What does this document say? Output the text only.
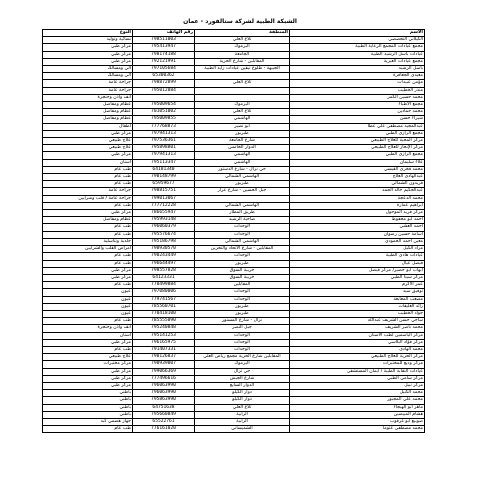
الشبكة الطبية لشركة ستالفورد - عمان
الاسم	المنطقة	رقم الهاتف	النوع
الكيلاني التخصصي	تلاع العلي	798511003	نسائية وتوليد
مجمع عيادات المجمع الرعاية الطبية	اليرموك	795413947	مركز طبي
عيادات باسل الرشيد الطبية	الجامعة	798174188	مركز طبي
مجمع عيادات العيرية	المقابلين - شارع الحرية	792121991	مركز طبي
باسل الرشيد	الجبيهة - طلوع نيفين عيادات زايد الطبية	797105684	آلي ومسالك
معيدي الجعافرة		65300362	آلي ومسالك
مؤمن عبيدات	تلاع العلي	798872899	جراحة عامة
منذر الخطيب		795012884	جراحة عامة
محمد حسين الكمر			أنف واذن وحنجرة
مجمع الأطباء	اليرموك	795009654	عظام ومفاصل
محمد حمادين	تلاع العلي	701051002	عظام ومفاصل
شيراء حسن	الهاشمي	795009855	عظام ومفاصل
عبدالمجيد مصطفى علي عطا	ابو نصير	777768873	أطفال
مجمع الرازي الطبي	طبربور	797941313	مركز طبي
مركز المحبة للعلاج الطبيعي	شارع الجامعة	797536361	علاج طبيعي
مركز الإنجاز للعلاج الطبيعي	الدوار الخامس	795898801	علاج طبيعي
مجمع الرازي الطبي	الهاشمي	797941313	مركز طبي
علاء سليمان	الهاشمي	795113347	أسنان
محمد فخري القيسي	حي نزال - شارع الدستور	64181340	طب عام
عبدالهادي العلاج	الهاشمي الشمالي	790148799	طب عام
فريدون الشمالي	طبربور	65959677	طب عام
عبدالحكيم خالد الحمد	جبل الحسين - شارع عرار	798815751	جراحة عامة
محمد الدعجة		799013067	جراحة عامة / قلب وشرايين
ابراهيم عمارة	الهاشمي الشمالي	777712228	طب عام
مركز فريد الموحول	طريق المطار	786655947	مركز طبي
احمد ابو محفوظ	ضاحية الرشيد	795993148	عظام ومفاصل
احمد العشي	الوحدات	796060379	طب عام
اسامة حسين رضوان	الوحدات	795576674	طب عام
معين احمد الحمودي	الهاشمي الشمالي	795186798	جلدية وتناسلية
مراد الكيل	المقابلين - شارع الاتحاد والتخزين	790930570	امراض القلب والشرايين
عيادات هادي الطبية	الوحدات	790243449	طب عام
فيصل عيال	طبربور	796644497	طب عام
ايهاب ابو خضير/ مركز فيصل	خريبة السوق	798557828	مركز طبي
مركز سينا الطبي	خريبة السوق	64123331	مركز طبي
عمر الأكرم	المقابلين	770499884	طب عام
توفيق سيد	الوحدات	797080006	عيون
مصعب المعابعة	الوحدات	779741567	عيون
رائد الغليفات	طبربور	785560701	عيون
جواد الخطيب	طبربور	770418100	عيون
ساجي حسن الشريف عبدالله	نزال - شارع المستور	785555090	طب عام
محمد ناصر الشريف	جبل النصر	795240848	انف واذن وحنجرة
مركز الياسمين لطب الأسنان	الوحدات	795141253	أسنان
مركز فؤاد البلاسي	الوحدات	796165975	مركز طبي
محمد الهادي	الوحدات	791407331	طب عام
مركز الحرية للعلاج الطبيعي	المقابلين شارع الحرية مجمع رياض العلي	790126837	علاج طبيعي
مركز وديع للمختبرات	اليرموك	790939007	مركز مختبرات
عيادات النقابة الطبية / ايمان المستشفى	حي نزال	799066369	مركز طبي
مركز سامي الطبي	شارع الجيش	777496616	مركز طبي
مركز نبيل	الدوار السابع	796063990	مركز طبي
محمد الكنيل	دوار الكيلو	796063990	باطني
محمد علي المجبور	دوار الكيلو	795863990	باطني
ماهر ابو الهيجاء	تلاع العلي	64751638	باطني
هشام المبيضين	الرابية	795660849	باطني
صوبيع ابو غرقوب	الرابية	65522761	جهاز هضمي كبد
محمد مصطفى عثوما	الشميساني	776161020	طب عام
